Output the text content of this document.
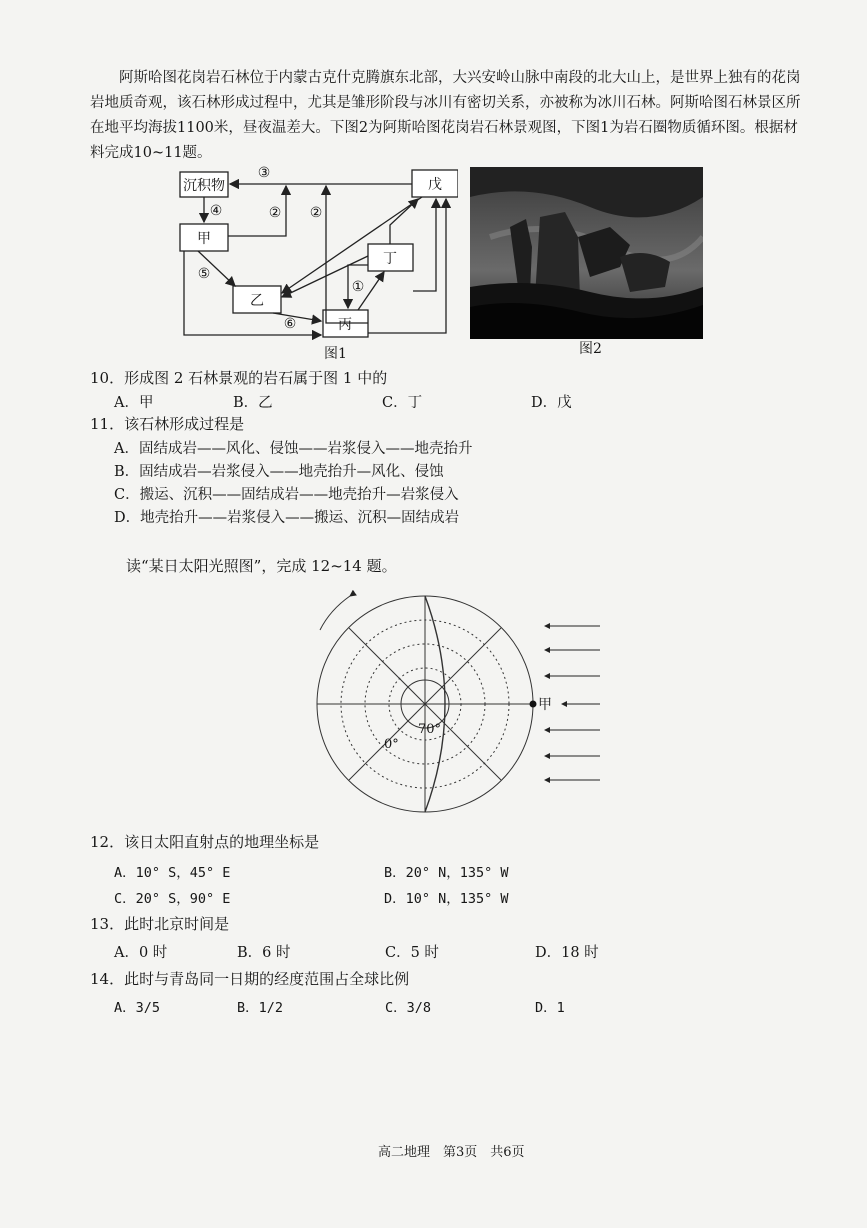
阿斯哈图花岗岩石林位于内蒙古克什克腾旗东北部，大兴安岭山脉中南段的北大山上，是世界上独有的花岗岩地质奇观，该石林形成过程中，尤其是雏形阶段与冰川有密切关系，亦被称为冰川石林。阿斯哈图石林景区所在地平均海拔1100米，昼夜温差大。下图2为阿斯哈图花岗岩石林景观图，下图1为岩石圈物质循环图。根据材料完成10~11题。
沉积物
甲
乙
丙
丁
戊
③
④	② ②
⑤
⑥
①
图1	图2
10．形成图 2 石林景观的岩石属于图 1 中的
A．甲	B．乙	C．丁	D．戊
11．该石林形成过程是
A．固结成岩——风化、侵蚀——岩浆侵入——地壳抬升
B．固结成岩—岩浆侵入——地壳抬升—风化、侵蚀
C．搬运、沉积——固结成岩——地壳抬升—岩浆侵入
D．地壳抬升——岩浆侵入——搬运、沉积—固结成岩
读“某日太阳光照图”，完成 12~14 题。
甲
70°
0°
12．该日太阳直射点的地理坐标是
A．10° S，45° E	B．20° N，135° W
C．20° S，90° E	D．10° N，135° W
13．此时北京时间是
A．0 时	B．6 时	C．5 时	D．18 时
14．此时与青岛同一日期的经度范围占全球比例
A．3/5	B．1/2	C．3/8	D．1
高二地理　第3页　共6页
